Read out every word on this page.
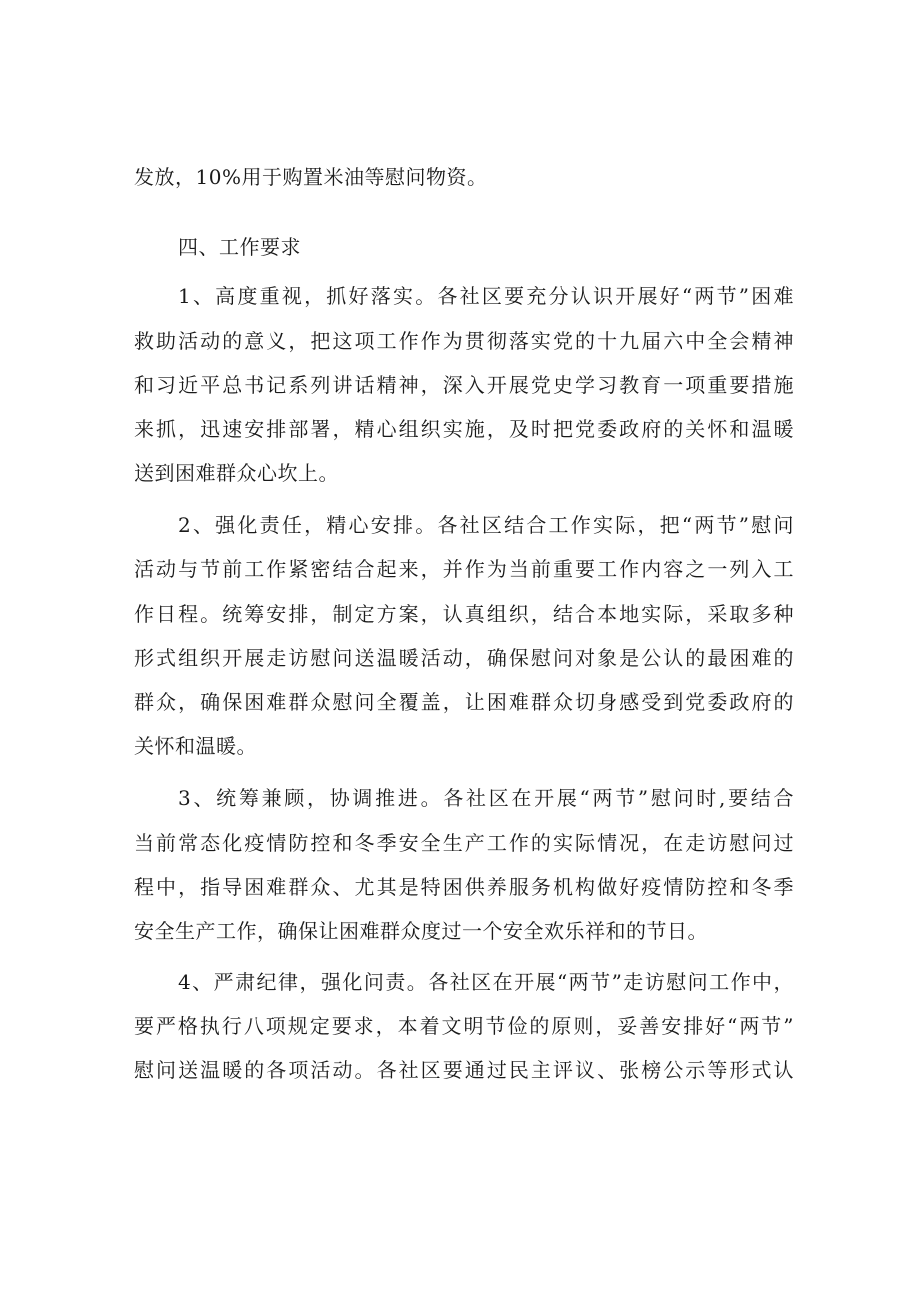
发放，10%用于购置米油等慰问物资。
四、工作要求
1、高度重视，抓好落实。各社区要充分认识开展好“两节”困难
救助活动的意义，把这项工作作为贯彻落实党的十九届六中全会精神
和习近平总书记系列讲话精神，深入开展党史学习教育一项重要措施
来抓，迅速安排部署，精心组织实施，及时把党委政府的关怀和温暖
送到困难群众心坎上。
2、强化责任，精心安排。各社区结合工作实际，把“两节”慰问
活动与节前工作紧密结合起来，并作为当前重要工作内容之一列入工
作日程。统筹安排，制定方案，认真组织，结合本地实际，采取多种
形式组织开展走访慰问送温暖活动，确保慰问对象是公认的最困难的
群众，确保困难群众慰问全覆盖，让困难群众切身感受到党委政府的
关怀和温暖。
3、统筹兼顾，协调推进。各社区在开展“两节”慰问时,要结合
当前常态化疫情防控和冬季安全生产工作的实际情况，在走访慰问过
程中，指导困难群众、尤其是特困供养服务机构做好疫情防控和冬季
安全生产工作，确保让困难群众度过一个安全欢乐祥和的节日。
4、严肃纪律，强化问责。各社区在开展“两节”走访慰问工作中，
要严格执行八项规定要求，本着文明节俭的原则，妥善安排好“两节”
慰问送温暖的各项活动。各社区要通过民主评议、张榜公示等形式认
